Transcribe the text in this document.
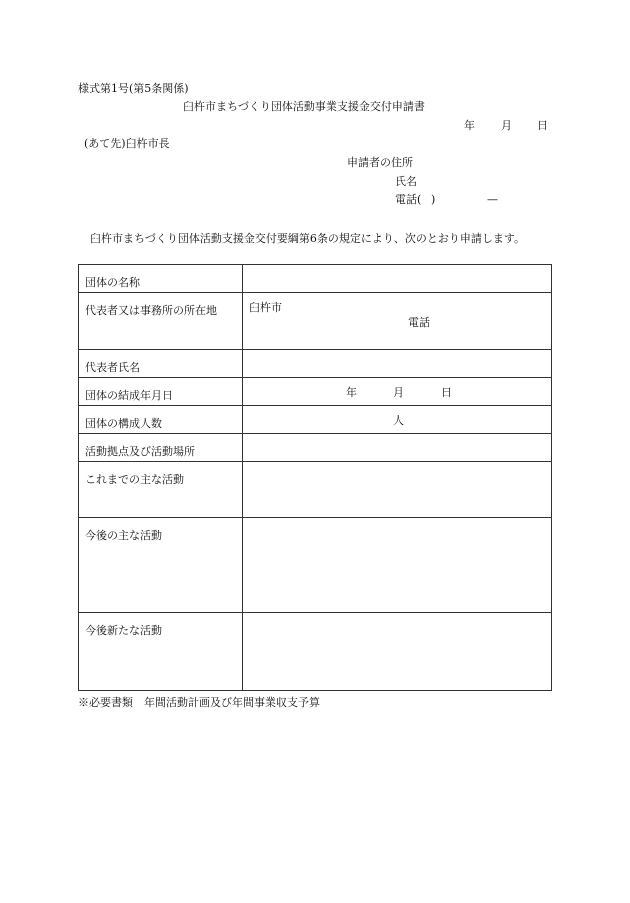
様式第1号(第5条関係)
臼杵市まちづくり団体活動事業支援金交付申請書
年 月 日
(あて先)臼杵市長
申請者の住所
氏名
電話( )	—
臼杵市まちづくり団体活動支援金交付要綱第6条の規定により、次のとおり申請します。
団体の名称	
代表者又は事務所の所在地	臼杵市
電話

代表者氏名	
団体の結成年月日	年 月 日

団体の構成人数	人

活動拠点及び活動場所	
これまでの主な活動	
今後の主な活動	
今後新たな活動	
※必要書類　年間活動計画及び年間事業収支予算
